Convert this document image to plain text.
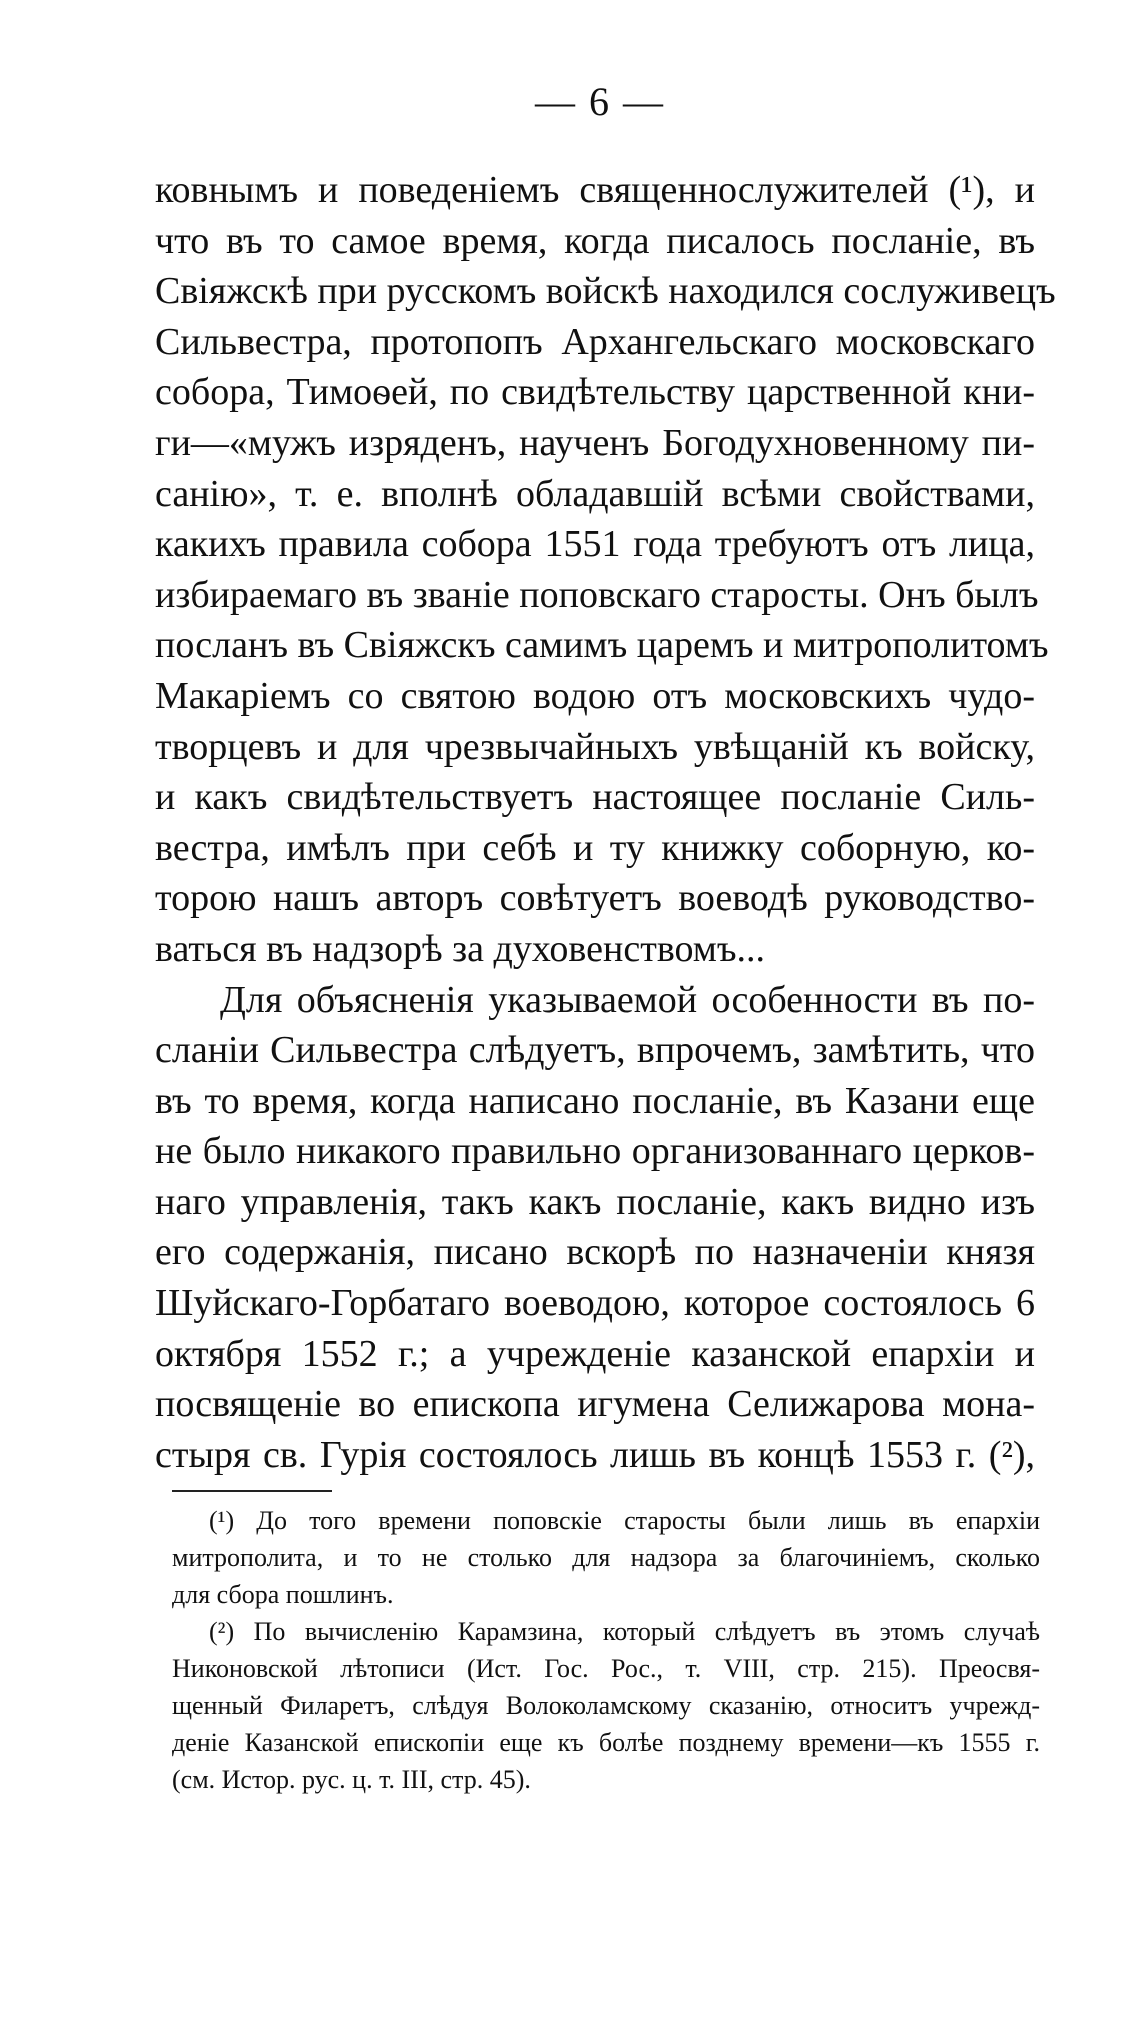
— 6 —
ковнымъ и поведеніемъ священнослужителей (¹), и
что въ то самое время, когда писалось посланіе, въ
Свіяжскѣ при русскомъ войскѣ находился сослуживецъ
Сильвестра, протопопъ Архангельскаго московскаго
собора, Тимоѳей, по свидѣтельству царственной кни-
ги—«мужъ изряденъ, наученъ Богодухновенному пи-
санію», т. е. вполнѣ обладавшій всѣми свойствами,
какихъ правила собора 1551 года требуютъ отъ лица,
избираемаго въ званіе поповскаго старосты. Онъ былъ
посланъ въ Свіяжскъ самимъ царемъ и митрополитомъ
Макаріемъ со святою водою отъ московскихъ чудо-
творцевъ и для чрезвычайныхъ увѣщаній къ войску,
и какъ свидѣтельствуетъ настоящее посланіе Силь-
вестра, имѣлъ при себѣ и ту книжку соборную, ко-
торою нашъ авторъ совѣтуетъ воеводѣ руководство-
ваться въ надзорѣ за духовенствомъ...
Для объясненія указываемой особенности въ по-
сланіи Сильвестра слѣдуетъ, впрочемъ, замѣтить, что
въ то время, когда написано посланіе, въ Казани еще
не было никакого правильно организованнаго церков-
наго управленія, такъ какъ посланіе, какъ видно изъ
его содержанія, писано вскорѣ по назначеніи князя
Шуйскаго-Горбатаго воеводою, которое состоялось 6
октября 1552 г.; а учрежденіе казанской епархіи и
посвященіе во епископа игумена Селижарова мона-
стыря св. Гурія состоялось лишь въ концѣ 1553 г. (²),
(¹) До того времени поповскіе старосты были лишь въ епархіи
митрополита, и то не столько для надзора за благочиніемъ, сколько
для сбора пошлинъ.
(²) По вычисленію Карамзина, который слѣдуетъ въ этомъ случаѣ
Никоновской лѣтописи (Ист. Гос. Рос., т. VIII, стр. 215). Преосвя-
щенный Филаретъ, слѣдуя Волоколамскому сказанію, относитъ учрежд-
деніе Казанской епископіи еще къ болѣе позднему времени—къ 1555 г.
(см. Истор. рус. ц. т. III, стр. 45).
